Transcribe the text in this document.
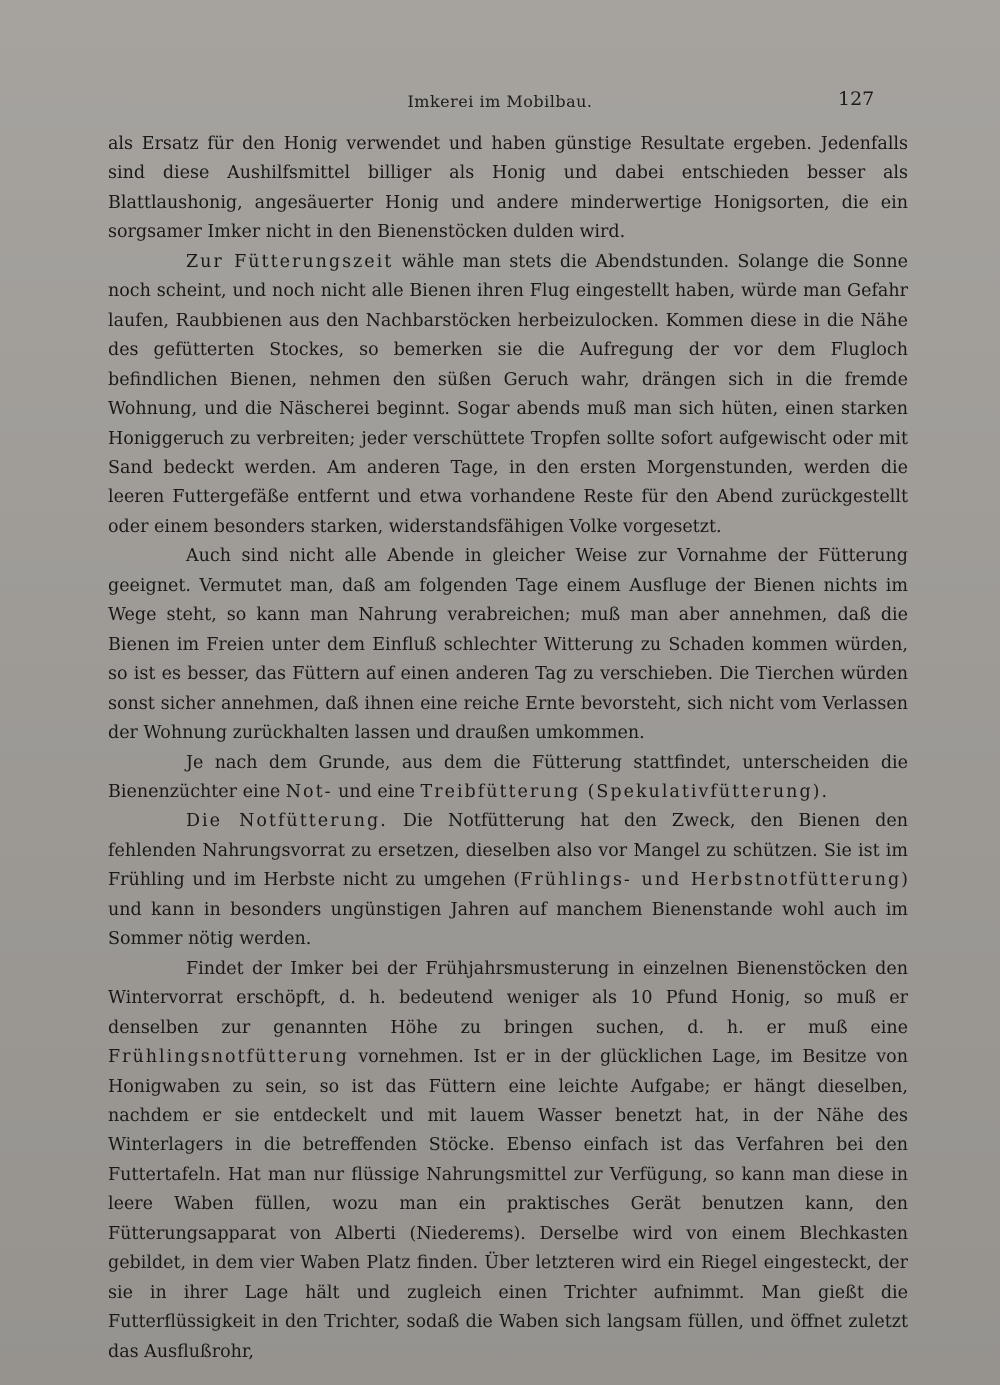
Imkerei im Mobilbau.	127

als Ersatz für den Honig verwendet und haben günstige Resultate ergeben. Jedenfalls sind diese Aushilfsmittel billiger als Honig und dabei entschieden besser als Blattlaushonig, angesäuerter Honig und andere minderwertige Honigsorten, die ein sorgsamer Imker nicht in den Bienenstöcken dulden wird.

Zur Fütterungszeit wähle man stets die Abendstunden. Solange die Sonne noch scheint, und noch nicht alle Bienen ihren Flug eingestellt haben, würde man Gefahr laufen, Raubbienen aus den Nachbarstöcken herbeizulocken. Kommen diese in die Nähe des gefütterten Stockes, so bemerken sie die Aufregung der vor dem Flugloch befindlichen Bienen, nehmen den süßen Geruch wahr, drängen sich in die fremde Wohnung, und die Näscherei beginnt. Sogar abends muß man sich hüten, einen starken Honiggeruch zu verbreiten; jeder verschüttete Tropfen sollte sofort aufgewischt oder mit Sand bedeckt werden. Am anderen Tage, in den ersten Morgenstunden, werden die leeren Futtergefäße entfernt und etwa vorhandene Reste für den Abend zurückgestellt oder einem besonders starken, widerstandsfähigen Volke vorgesetzt.

Auch sind nicht alle Abende in gleicher Weise zur Vornahme der Fütterung geeignet. Vermutet man, daß am folgenden Tage einem Ausfluge der Bienen nichts im Wege steht, so kann man Nahrung verabreichen; muß man aber annehmen, daß die Bienen im Freien unter dem Einfluß schlechter Witterung zu Schaden kommen würden, so ist es besser, das Füttern auf einen anderen Tag zu verschieben. Die Tierchen würden sonst sicher annehmen, daß ihnen eine reiche Ernte bevorsteht, sich nicht vom Verlassen der Wohnung zurückhalten lassen und draußen umkommen.

Je nach dem Grunde, aus dem die Fütterung stattfindet, unterscheiden die Bienenzüchter eine Not- und eine Treibfütterung (Spekulativfütterung).

Die Notfütterung. Die Notfütterung hat den Zweck, den Bienen den fehlenden Nahrungsvorrat zu ersetzen, dieselben also vor Mangel zu schützen. Sie ist im Frühling und im Herbste nicht zu umgehen (Frühlings- und Herbstnotfütterung) und kann in besonders ungünstigen Jahren auf manchem Bienenstande wohl auch im Sommer nötig werden.

Findet der Imker bei der Frühjahrsmusterung in einzelnen Bienenstöcken den Wintervorrat erschöpft, d. h. bedeutend weniger als 10 Pfund Honig, so muß er denselben zur genannten Höhe zu bringen suchen, d. h. er muß eine Frühlingsnotfütterung vornehmen. Ist er in der glücklichen Lage, im Besitze von Honigwaben zu sein, so ist das Füttern eine leichte Aufgabe; er hängt dieselben, nachdem er sie entdeckelt und mit lauem Wasser benetzt hat, in der Nähe des Winterlagers in die betreffenden Stöcke. Ebenso einfach ist das Verfahren bei den Futtertafeln. Hat man nur flüssige Nahrungsmittel zur Verfügung, so kann man diese in leere Waben füllen, wozu man ein praktisches Gerät benutzen kann, den Fütterungsapparat von Alberti (Niederems). Derselbe wird von einem Blechkasten gebildet, in dem vier Waben Platz finden. Über letzteren wird ein Riegel eingesteckt, der sie in ihrer Lage hält und zugleich einen Trichter aufnimmt. Man gießt die Futterflüssigkeit in den Trichter, sodaß die Waben sich langsam füllen, und öffnet zuletzt das Ausflußrohr,
